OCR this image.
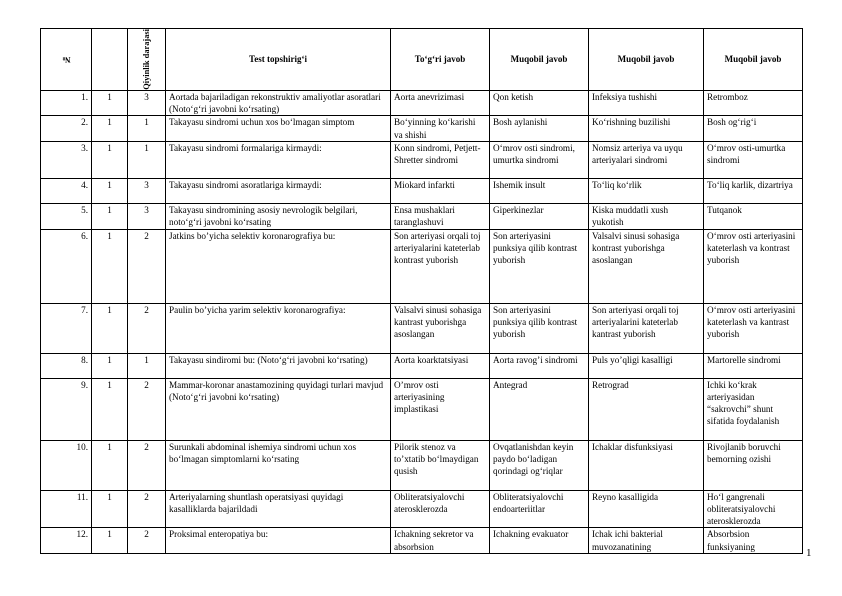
№		Qiyinlik darajasi	Test topshirig‘i	To‘g‘ri javob	Muqobil javob	Muqobil javob	Muqobil javob
1.	1	3	Aortada bajariladigan rekonstruktiv amaliyotlar asoratlari (Noto‘g‘ri javobni ko‘rsating)	Aorta anevrizimasi	Qon ketish	Infeksiya tushishi	Retromboz
2.	1	1	Takayasu sindromi uchun xos bo‘lmagan simptom	Bo‘yinning ko‘karishi va shishi	Bosh aylanishi	Ko‘rishning buzilishi	Bosh og‘rig‘i
3.	1	1	Takayasu sindromi formalariga kirmaydi:	Konn sindromi, Petjett-Shretter sindromi	O‘mrov osti sindromi, umurtka sindromi	Nomsiz arteriya va uyqu arteriyalari sindromi	O‘mrov osti-umurtka sindromi
4.	1	3	Takayasu sindromi asoratlariga kirmaydi:	Miokard infarkti	Ishemik insult	To‘liq ko‘rlik	To‘liq karlik, dizartriya
5.	1	3	Takayasu sindromining asosiy nevrologik belgilari, noto‘g‘ri javobni ko‘rsating	Ensa mushaklari taranglashuvi	Giperkinezlar	Kiska muddatli xush yukotish	Tutqanok
6.	1	2	Jatkins bo’yicha selektiv koronarografiya bu:	Son arteriyasi orqali toj arteriyalarini kateterlab kontrast yuborish	Son arteriyasini punksiya qilib kontrast yuborish	Valsalvi sinusi sohasiga kontrast yuborishga asoslangan	O‘mrov osti arteriyasini kateterlash va kontrast yuborish
7.	1	2	Paulin bo’yicha yarim selektiv koronarografiya:	Valsalvi sinusi sohasiga kantrast yuborishga asoslangan	Son arteriyasini punksiya qilib kontrast yuborish	Son arteriyasi orqali toj arteriyalarini kateterlab kantrast yuborish	O‘mrov osti arteriyasini kateterlash va kantrast yuborish
8.	1	1	Takayasu sindiromi bu: (Noto‘g‘ri javobni ko‘rsating)	Aorta koarktatsiyasi	Aorta ravog’i sindromi	Puls yo’qligi kasalligi	Martorelle sindromi
9.	1	2	Mammar-koronar anastamozining quyidagi turlari mavjud (Noto‘g‘ri javobni ko‘rsating)	O’mrov osti arteriyasining implastikasi	Antegrad	Retrograd	Ichki ko‘krak arteriyasidan “sakrovchi” shunt sifatida foydalanish
10.	1	2	Surunkali abdominal ishemiya sindromi uchun xos bo‘lmagan simptomlarni ko‘rsating	Pilorik stenoz va to’xtatib bo‘lmaydigan qusish	Ovqatlanishdan keyin paydo bo‘ladigan qorindagi og‘riqlar	Ichaklar disfunksiyasi	Rivojlanib boruvchi bemorning ozishi
11.	1	2	Arteriyalarning shuntlash operatsiyasi quyidagi kasalliklarda bajarildadi	Obliteratsiyalovchi aterosklerozda	Obliteratsiyalovchi endoarteriitlar	Reyno kasalligida	Ho‘l gangrenali obliteratsiyalovchi aterosklerozda
12.	1	2	Proksimal enteropatiya bu:	Ichakning sekretor va absorbsion	Ichakning evakuator	Ichak ichi bakterial muvozanatining	Absorbsion funksiyaning
1
